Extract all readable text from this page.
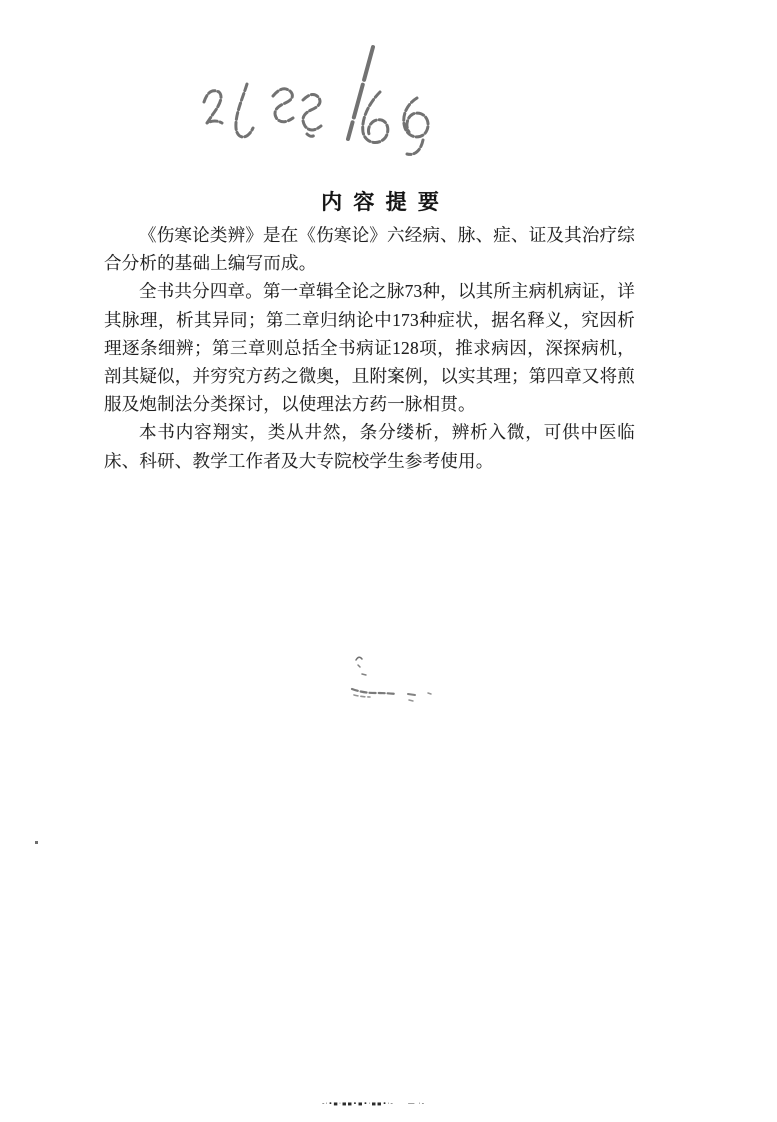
内 容 提 要

《伤寒论类辨》是在《伤寒论》六经病、脉、症、证及其治疗综合分析的基础上编写而成。

全书共分四章。第一章辑全论之脉73种，以其所主病机病证，详其脉理，析其异同；第二章归纳论中173种症状，据名释义，究因析理逐条细辨；第三章则总括全书病证128项，推求病因，深探病机，剖其疑似，并穷究方药之微奥，且附案例，以实其理；第四章又将煎服及炮制法分类探讨，以使理法方药一脉相贯。

本书内容翔实，类从井然，条分缕析，辨析入微，可供中医临床、科研、教学工作者及大专院校学生参考使用。

-·•▪·▪▪•▪•·▪▪•·- — ·-
